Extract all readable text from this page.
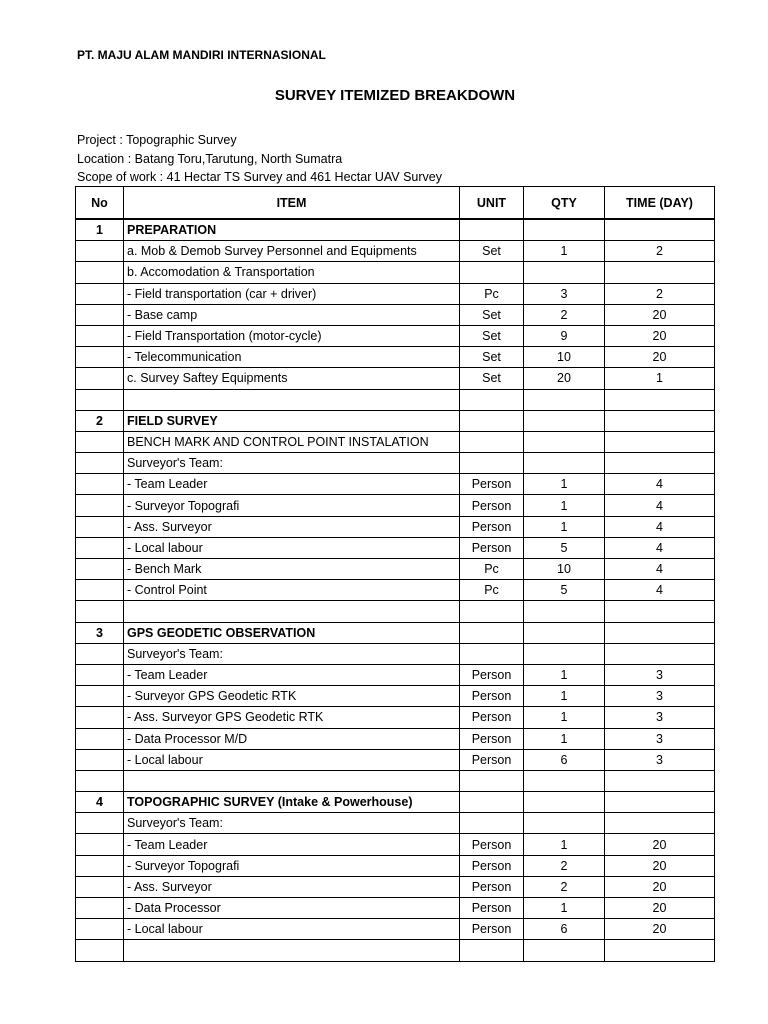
PT. MAJU ALAM MANDIRI INTERNASIONAL
SURVEY ITEMIZED BREAKDOWN
Project : Topographic Survey
Location : Batang Toru,Tarutung, North Sumatra
Scope of work : 41 Hectar TS Survey and 461 Hectar UAV Survey
No	ITEM	UNIT	QTY	TIME (DAY)
1	PREPARATION			
	a. Mob & Demob Survey Personnel and Equipments	Set	1	2
	b. Accomodation & Transportation			
	- Field transportation (car + driver)	Pc	3	2
	- Base camp	Set	2	20
	- Field Transportation (motor-cycle)	Set	9	20
	- Telecommunication	Set	10	20
	c. Survey Saftey Equipments	Set	20	1

2	FIELD SURVEY			
	BENCH MARK AND CONTROL POINT INSTALATION			
	Surveyor's Team:			
	- Team Leader	Person	1	4
	- Surveyor Topografi	Person	1	4
	- Ass. Surveyor	Person	1	4
	- Local labour	Person	5	4
	- Bench Mark	Pc	10	4
	- Control Point	Pc	5	4

3	GPS GEODETIC OBSERVATION			
	Surveyor's Team:			
	- Team Leader	Person	1	3
	- Surveyor GPS Geodetic RTK	Person	1	3
	- Ass. Surveyor GPS Geodetic RTK	Person	1	3
	- Data Processor M/D	Person	1	3
	- Local labour	Person	6	3

4	TOPOGRAPHIC SURVEY (Intake & Powerhouse)			
	Surveyor's Team:			
	- Team Leader	Person	1	20
	- Surveyor Topografi	Person	2	20
	- Ass. Surveyor	Person	2	20
	- Data Processor	Person	1	20
	- Local labour	Person	6	20
